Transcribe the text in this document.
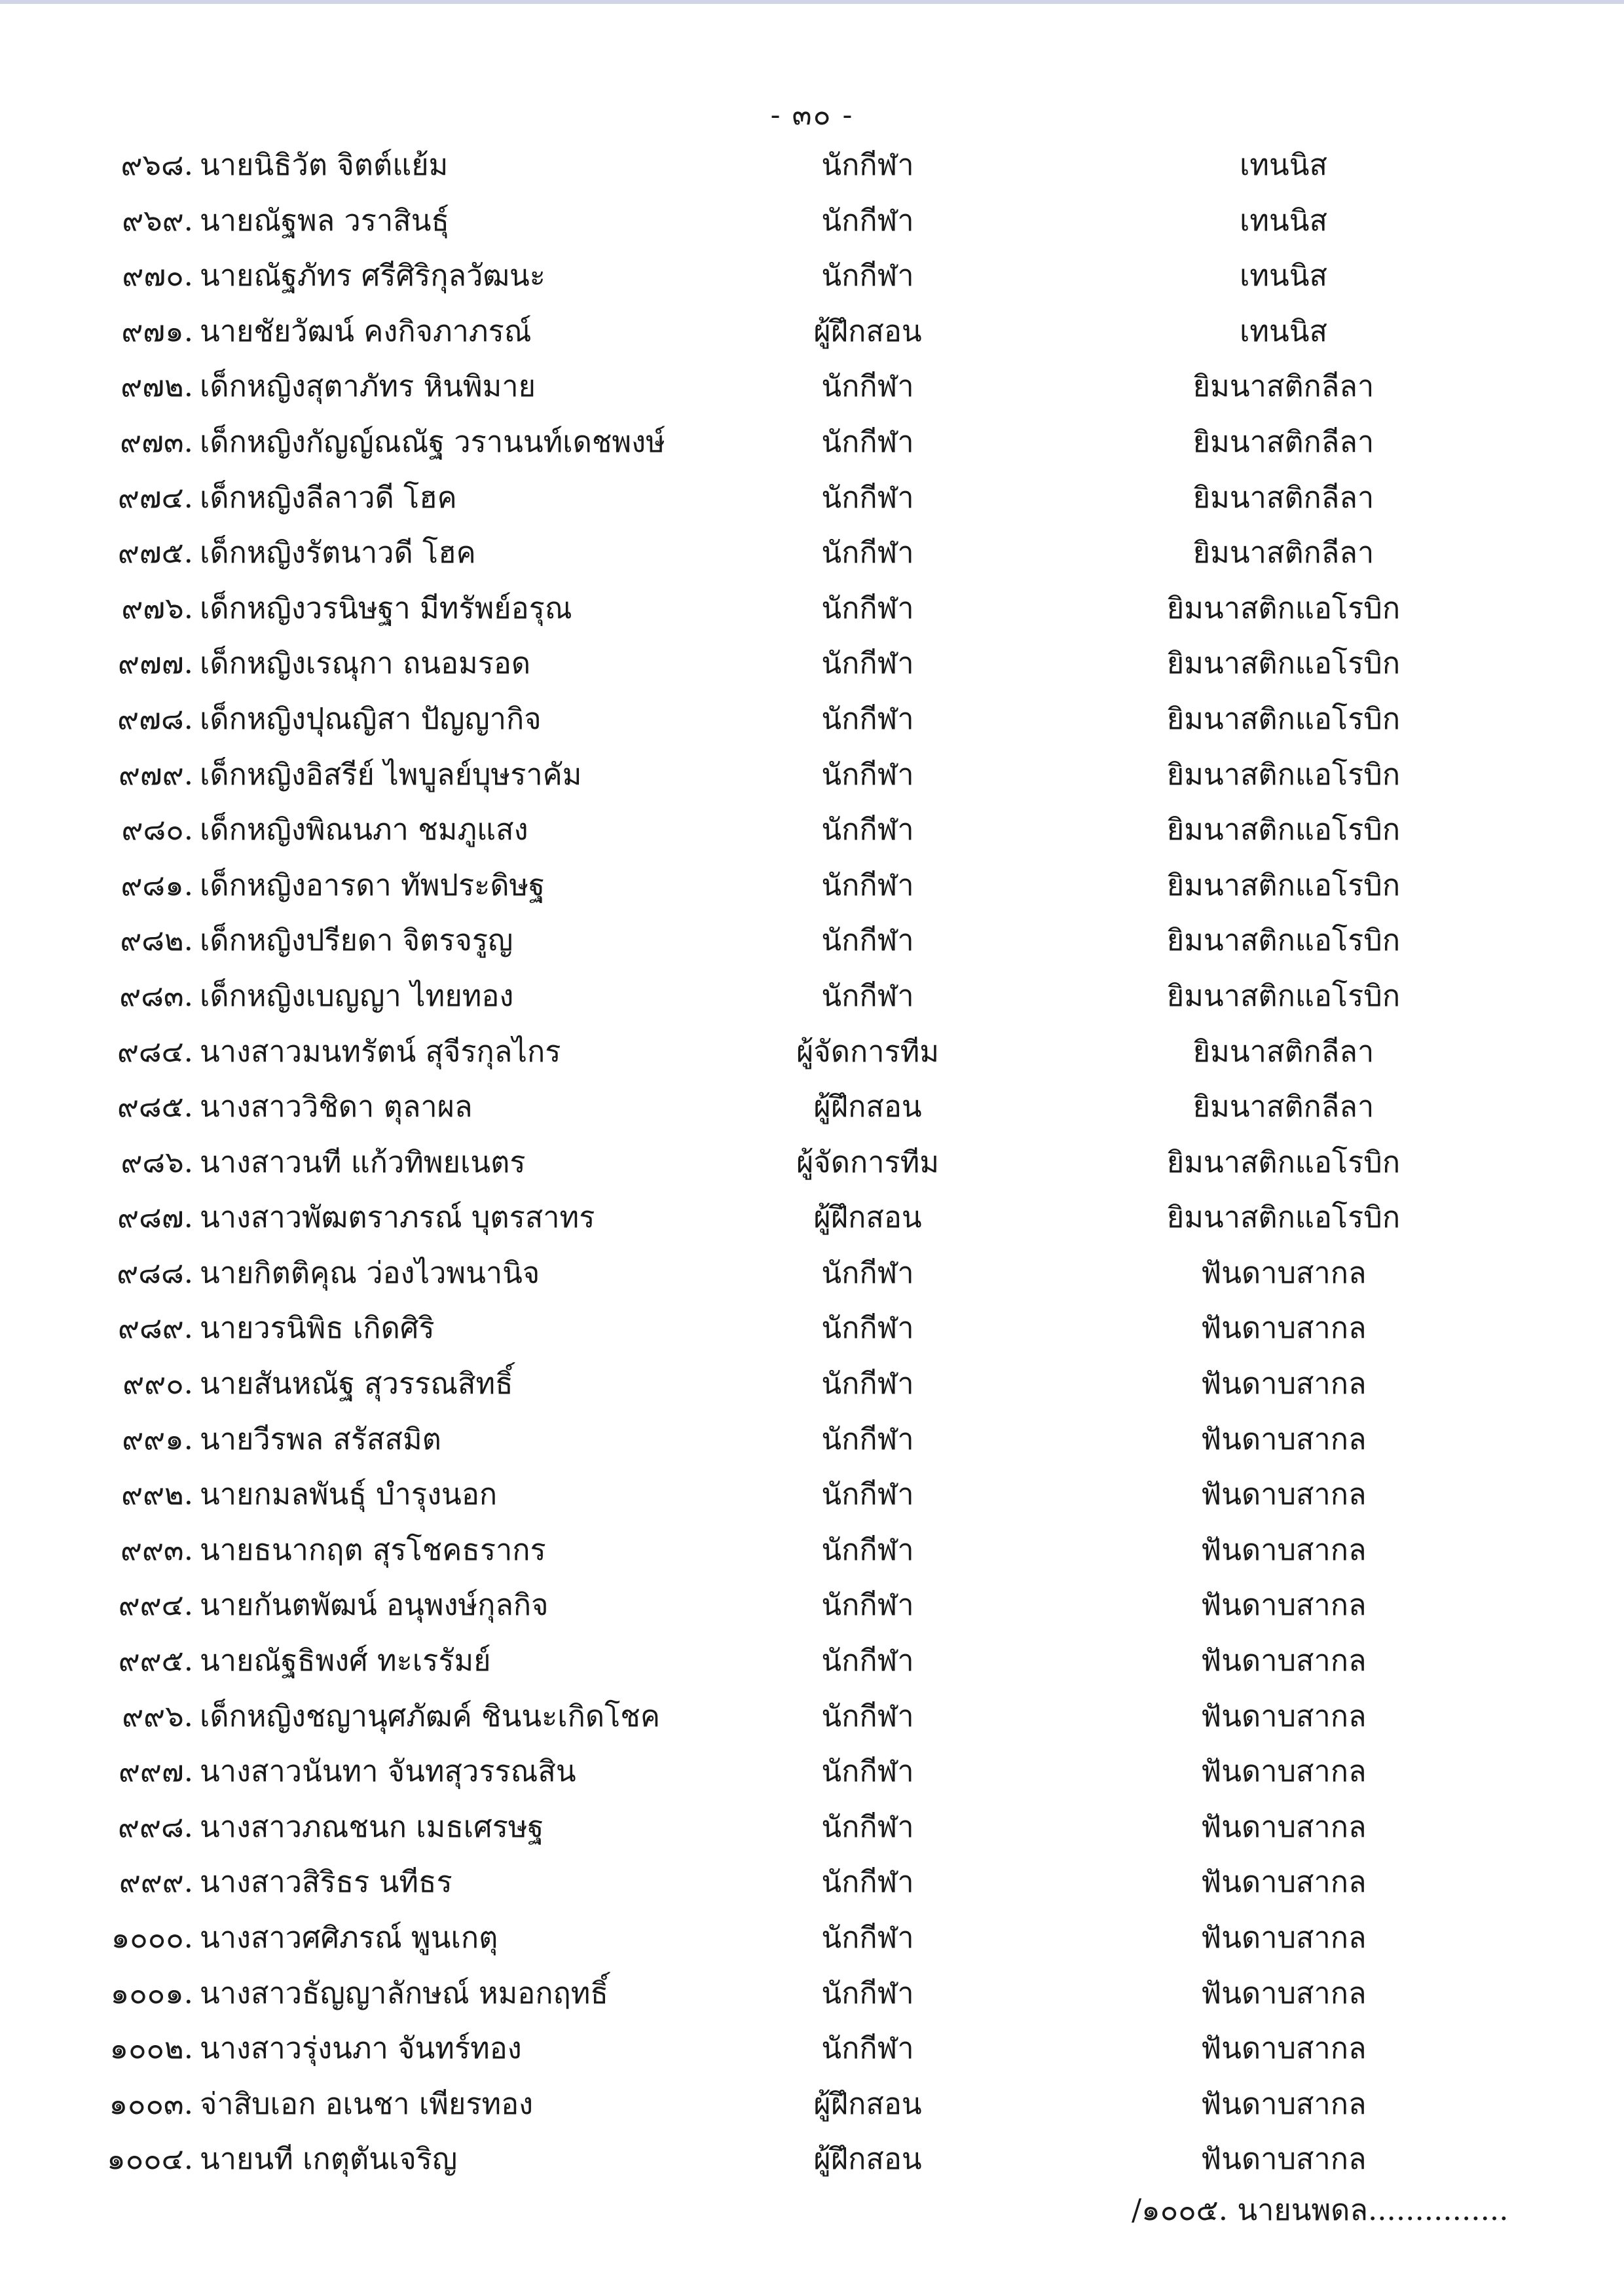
- ๓๐ -
๙๖๘. นายนิธิวัต จิตต์แย้ม	นักกีฬา	เทนนิส
๙๖๙. นายณัฐพล วราสินธุ์	นักกีฬา	เทนนิส
๙๗๐. นายณัฐภัทร ศรีศิริกุลวัฒนะ	นักกีฬา	เทนนิส
๙๗๑. นายชัยวัฒน์ คงกิจภาภรณ์	ผู้ฝึกสอน	เทนนิส
๙๗๒. เด็กหญิงสุตาภัทร หินพิมาย	นักกีฬา	ยิมนาสติกลีลา
๙๗๓. เด็กหญิงกัญญ์ณณัฐ วรานนท์เดชพงษ์	นักกีฬา	ยิมนาสติกลีลา
๙๗๔. เด็กหญิงลีลาวดี โฮค	นักกีฬา	ยิมนาสติกลีลา
๙๗๕. เด็กหญิงรัตนาวดี โฮค	นักกีฬา	ยิมนาสติกลีลา
๙๗๖. เด็กหญิงวรนิษฐา มีทรัพย์อรุณ	นักกีฬา	ยิมนาสติกแอโรบิก
๙๗๗. เด็กหญิงเรณุกา ถนอมรอด	นักกีฬา	ยิมนาสติกแอโรบิก
๙๗๘. เด็กหญิงปุณญิสา ปัญญากิจ	นักกีฬา	ยิมนาสติกแอโรบิก
๙๗๙. เด็กหญิงอิสรีย์ ไพบูลย์บุษราคัม	นักกีฬา	ยิมนาสติกแอโรบิก
๙๘๐. เด็กหญิงพิณนภา ชมภูแสง	นักกีฬา	ยิมนาสติกแอโรบิก
๙๘๑. เด็กหญิงอารดา ทัพประดิษฐ	นักกีฬา	ยิมนาสติกแอโรบิก
๙๘๒. เด็กหญิงปรียดา จิตรจรูญ	นักกีฬา	ยิมนาสติกแอโรบิก
๙๘๓. เด็กหญิงเบญญา ไทยทอง	นักกีฬา	ยิมนาสติกแอโรบิก
๙๘๔. นางสาวมนทรัตน์ สุจีรกุลไกร	ผู้จัดการทีม	ยิมนาสติกลีลา
๙๘๕. นางสาววิชิดา ตุลาผล	ผู้ฝึกสอน	ยิมนาสติกลีลา
๙๘๖. นางสาวนที แก้วทิพยเนตร	ผู้จัดการทีม	ยิมนาสติกแอโรบิก
๙๘๗. นางสาวพัฒตราภรณ์ บุตรสาทร	ผู้ฝึกสอน	ยิมนาสติกแอโรบิก
๙๘๘. นายกิตติคุณ ว่องไวพนานิจ	นักกีฬา	ฟันดาบสากล
๙๘๙. นายวรนิพิธ เกิดศิริ	นักกีฬา	ฟันดาบสากล
๙๙๐. นายสันหณัฐ สุวรรณสิทธิ์	นักกีฬา	ฟันดาบสากล
๙๙๑. นายวีรพล สรัสสมิต	นักกีฬา	ฟันดาบสากล
๙๙๒. นายกมลพันธุ์ บำรุงนอก	นักกีฬา	ฟันดาบสากล
๙๙๓. นายธนากฤต สุรโชคธรากร	นักกีฬา	ฟันดาบสากล
๙๙๔. นายกันตพัฒน์ อนุพงษ์กุลกิจ	นักกีฬา	ฟันดาบสากล
๙๙๕. นายณัฐธิพงศ์ ทะเรรัมย์	นักกีฬา	ฟันดาบสากล
๙๙๖. เด็กหญิงชญานุศภัฒค์ ชินนะเกิดโชค	นักกีฬา	ฟันดาบสากล
๙๙๗. นางสาวนันทา จันทสุวรรณสิน	นักกีฬา	ฟันดาบสากล
๙๙๘. นางสาวภณชนก เมธเศรษฐ	นักกีฬา	ฟันดาบสากล
๙๙๙. นางสาวสิริธร นทีธร	นักกีฬา	ฟันดาบสากล
๑๐๐๐. นางสาวศศิภรณ์ พูนเกตุ	นักกีฬา	ฟันดาบสากล
๑๐๐๑. นางสาวธัญญาลักษณ์ หมอกฤทธิ์	นักกีฬา	ฟันดาบสากล
๑๐๐๒. นางสาวรุ่งนภา จันทร์ทอง	นักกีฬา	ฟันดาบสากล
๑๐๐๓. จ่าสิบเอก อเนชา เพียรทอง	ผู้ฝึกสอน	ฟันดาบสากล
๑๐๐๔. นายนที เกตุตันเจริญ	ผู้ฝึกสอน	ฟันดาบสากล
/๑๐๐๕. นายนพดล...............
